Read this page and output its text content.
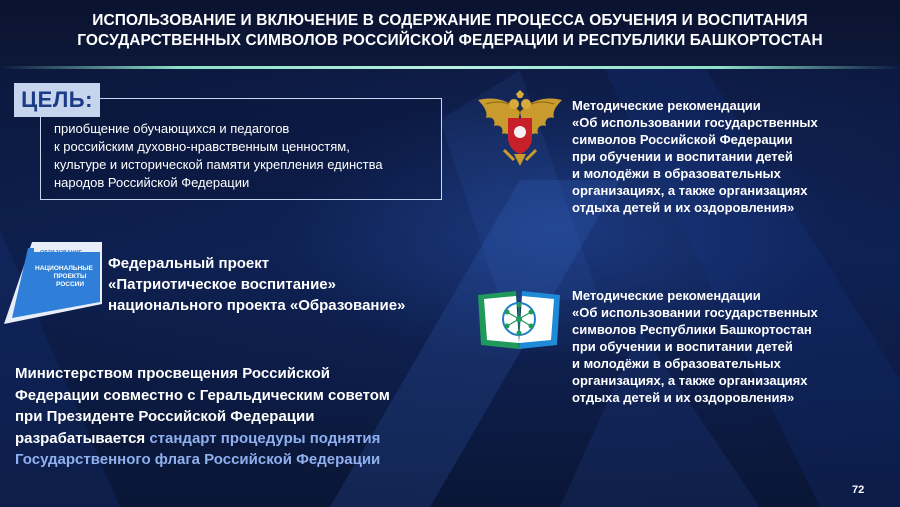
ИСПОЛЬЗОВАНИЕ И ВКЛЮЧЕНИЕ В СОДЕРЖАНИЕ ПРОЦЕССА ОБУЧЕНИЯ И ВОСПИТАНИЯ
ГОСУДАРСТВЕННЫХ СИМВОЛОВ РОССИЙСКОЙ ФЕДЕРАЦИИ И РЕСПУБЛИКИ БАШКОРТОСТАН
ЦЕЛЬ:
приобщение обучающихся и педагогов
к российским духовно-нравственным ценностям,
культуре и исторической памяти укрепления единства
народов Российской Федерации
ОБРАЗОВАНИЕ
НАЦИОНАЛЬНЫЕ
ПРОЕКТЫ
РОССИИ
Федеральный проект
«Патриотическое воспитание»
национального проекта «Образование»
Министерством просвещения Российской
Федерации совместно с Геральдическим советом
при Президенте Российской Федерации
разрабатывается стандарт процедуры поднятия
Государственного флага Российской Федерации
Методические рекомендации
«Об использовании государственных
символов Российской Федерации
при обучении и воспитании детей
и молодёжи в образовательных
организациях, а также организациях
отдыха детей и их оздоровления»
Методические рекомендации
«Об использовании государственных
символов Республики Башкортостан
при обучении и воспитании детей
и молодёжи в образовательных
организациях, а также организациях
отдыха детей и их оздоровления»
72
